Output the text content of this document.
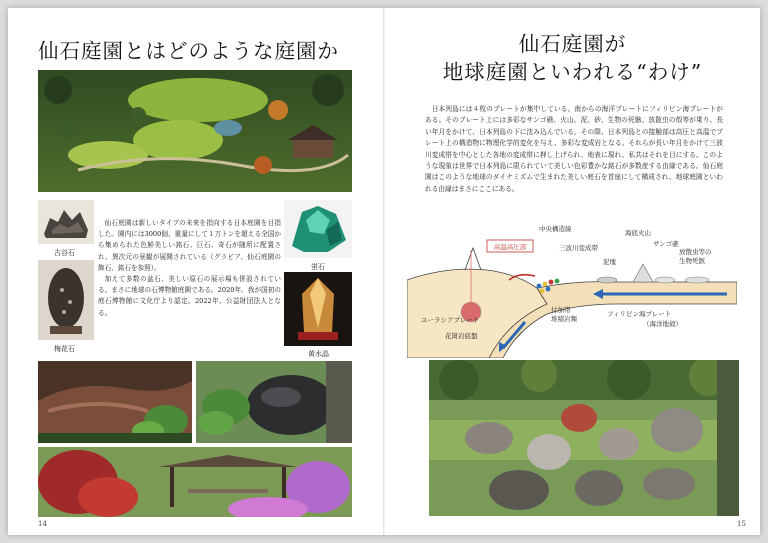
仙石庭園とはどのような庭園か
古谷石
梅花石

仙石庭園は新しいタイプの未来を指向する日本庭園を目指した。園内には3000個、重量にして１万トンを超える全国から集められた色鮮美しい銘石、巨石、奇石が随所に配置され、異次元の景観が展開されている（グラビア、仙石庭園の飾石、銘石を参照）。

加えて多数の盆石、美しい原石の展示場も併設されている。まさに地球の石博物館庭園である。2020年、我が国初の庭石博物館に文化庁より認定。2022年、公益財団法人となる。

蛍石
黄水晶
14
仙石庭園が
地球庭園といわれる“わけ”

日本列島には４枚のプレートが集中している。南からの海洋プレートにフィリピン海プレートがある。そのプレート上には多彩なサンゴ礁、火山、泥、砂、生物の死骸、放散虫の殻等が乗り、長い年月をかけて、日本列島の下に沈み込んでいる。その際、日本列島との接触部は高圧と高温でプレート上の構造物に物理化学的変化を与え、多彩な変成岩となる。それらが長い年月をかけて三波川変成帯を中心とした各地の変成帯に押し上げられ、地表に現れ、私共はそれを目にする。このような現象は世界で日本列島に限られていて美しい色彩豊かな銘石が多数産する由縁である。仙石庭園はこのような地球のダイナミズムで生まれた美しい庭石を首座にして構成され、地球庭園といわれる由縁はまさにここにある。

高温高圧部
中央構造線
三波川変成帯
海底火山
サンゴ礁
泥塊
放散虫等の
生物死骸
ユーラシアプレート
花崗岩底盤
付加帯
堆積岩類
フィリピン海プレート
（海洋地殻）
15
